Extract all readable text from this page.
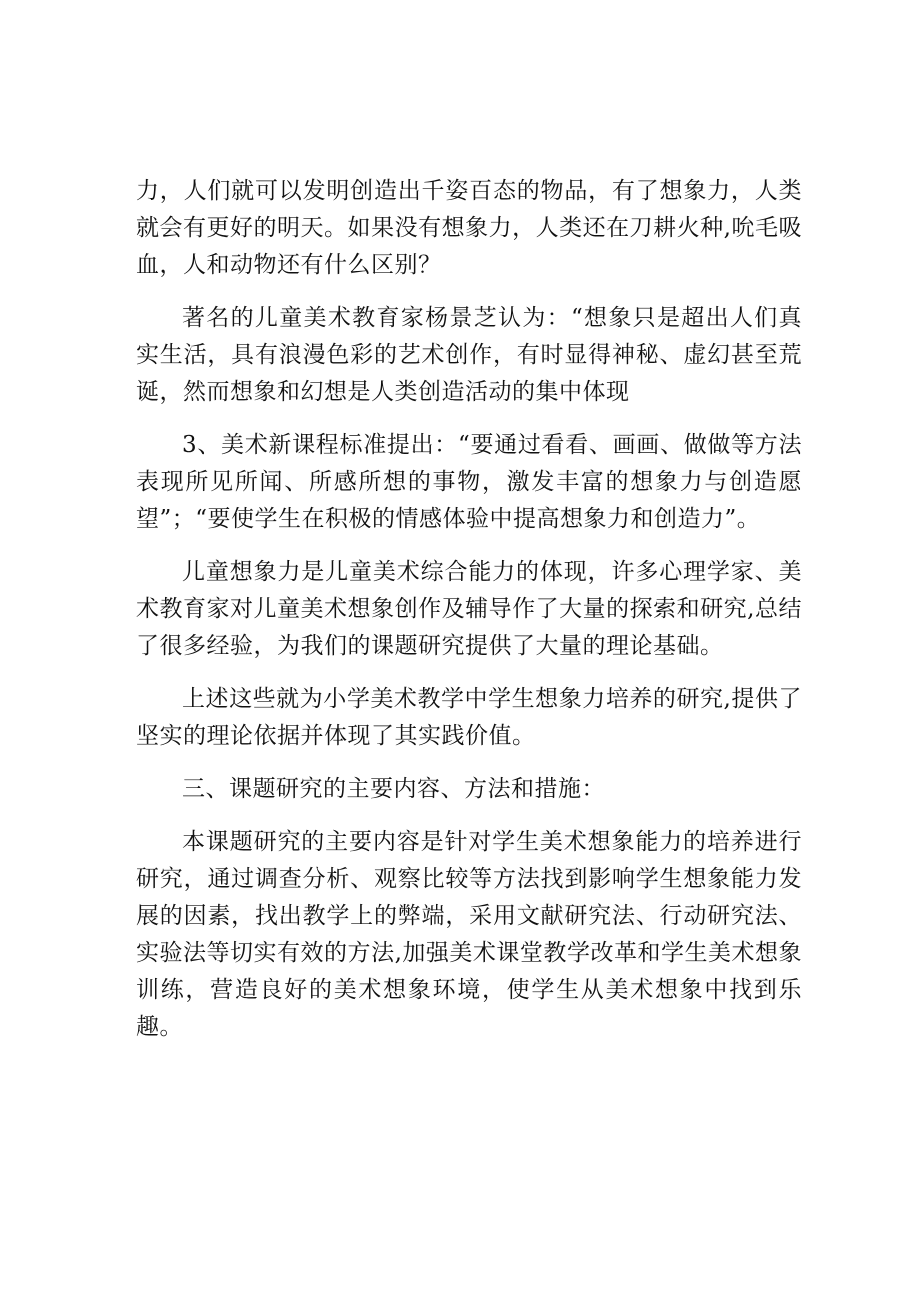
力，人们就可以发明创造出千姿百态的物品，有了想象力，人类就会有更好的明天。如果没有想象力，人类还在刀耕火种,吮毛吸血，人和动物还有什么区别？

著名的儿童美术教育家杨景芝认为：“想象只是超出人们真实生活，具有浪漫色彩的艺术创作，有时显得神秘、虚幻甚至荒诞，然而想象和幻想是人类创造活动的集中体现

3、美术新课程标准提出：“要通过看看、画画、做做等方法表现所见所闻、所感所想的事物，激发丰富的想象力与创造愿望”；“要使学生在积极的情感体验中提高想象力和创造力”。

儿童想象力是儿童美术综合能力的体现，许多心理学家、美术教育家对儿童美术想象创作及辅导作了大量的探索和研究,总结了很多经验，为我们的课题研究提供了大量的理论基础。

上述这些就为小学美术教学中学生想象力培养的研究,提供了坚实的理论依据并体现了其实践价值。

三、课题研究的主要内容、方法和措施：

本课题研究的主要内容是针对学生美术想象能力的培养进行研究，通过调查分析、观察比较等方法找到影响学生想象能力发展的因素，找出教学上的弊端，采用文献研究法、行动研究法、实验法等切实有效的方法,加强美术课堂教学改革和学生美术想象训练，营造良好的美术想象环境，使学生从美术想象中找到乐趣。
